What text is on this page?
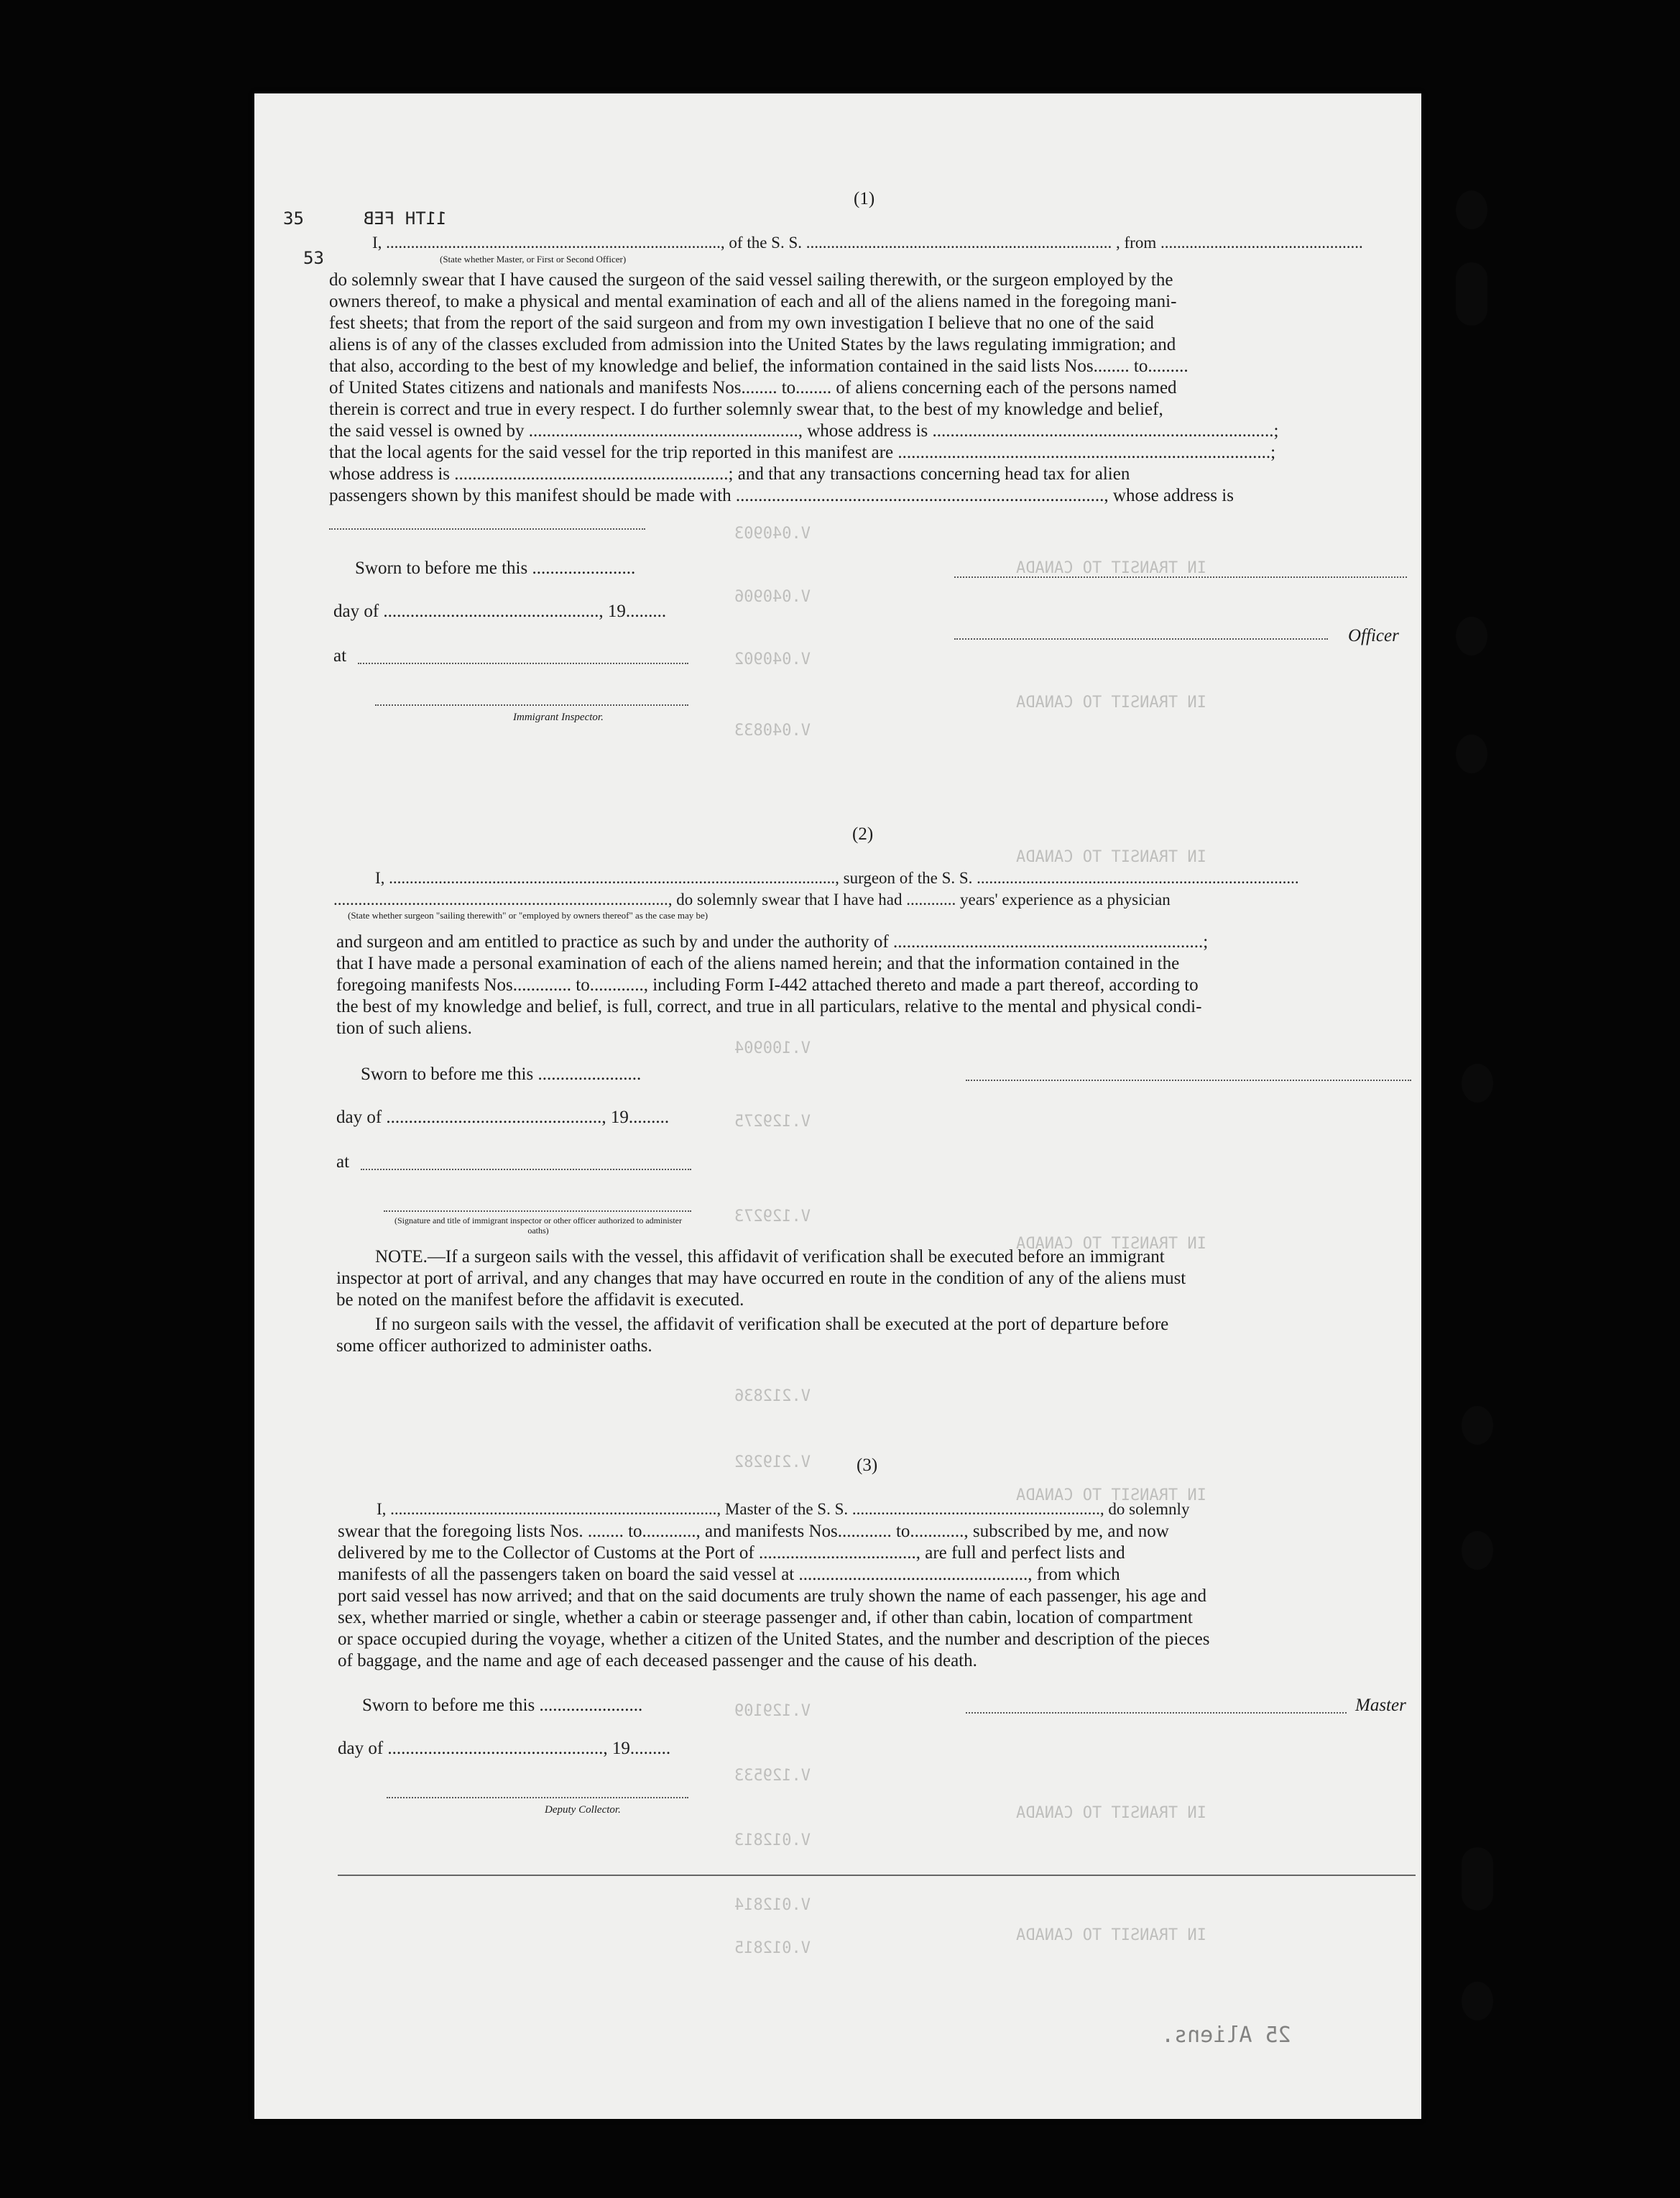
25 Aliens.
V.012815
V.012814
V.012813
V.129533
V.129109
V.219282
V.212836
V.129273
V.129275
V.100904
V.040833
V.040902
V.040906
V.040903
IN TRANSIT TO CANADA
IN TRANSIT TO CANADA
IN TRANSIT TO CANADA
IN TRANSIT TO CANADA
IN TRANSIT TO CANADA
IN TRANSIT TO CANADA
IN TRANSIT TO CANADA
11TH FEB
53
35
(1)
I, ................................................................................., of the S. S. .......................................................................... , from .................................................
(State whether Master, or First or Second Officer)
do solemnly swear that I have caused the surgeon of the said vessel sailing therewith, or the surgeon employed by the
owners thereof, to make a physical and mental examination of each and all of the aliens named in the foregoing mani-
fest sheets; that from the report of the said surgeon and from my own investigation I believe that no one of the said
aliens is of any of the classes excluded from admission into the United States by the laws regulating immigration; and
that also, according to the best of my knowledge and belief, the information contained in the said lists Nos........ to.........
of United States citizens and nationals and manifests Nos........ to........ of aliens concerning each of the persons named
therein is correct and true in every respect. I do further solemnly swear that, to the best of my knowledge and belief,
the said vessel is owned by ............................................................, whose address is ............................................................................;
that the local agents for the said vessel for the trip reported in this manifest are ...................................................................................;
whose address is .............................................................; and that any transactions concerning head tax for alien
passengers shown by this manifest should be made with .................................................................................., whose address is
Sworn to before me this .......................
day of ................................................, 19.........
Officer
at
Immigrant Inspector.
(2)
I, ............................................................................................................, surgeon of the S. S. ..............................................................................
................................................................................., do solemnly swear that I have had ............ years' experience as a physician
(State whether surgeon "sailing therewith" or "employed by owners thereof" as the case may be)
and surgeon and am entitled to practice as such by and under the authority of .....................................................................;
that I have made a personal examination of each of the aliens named herein; and that the information contained in the
foregoing manifests Nos............. to............, including Form I-442 attached thereto and made a part thereof, according to
the best of my knowledge and belief, is full, correct, and true in all particulars, relative to the mental and physical condi-
tion of such aliens.
Sworn to before me this .......................
day of ................................................, 19.........
at
(Signature and title of immigrant inspector or other officer authorized to administer oaths)
NOTE.—If a surgeon sails with the vessel, this affidavit of verification shall be executed before an immigrant
inspector at port of arrival, and any changes that may have occurred en route in the condition of any of the aliens must
be noted on the manifest before the affidavit is executed.
If no surgeon sails with the vessel, the affidavit of verification shall be executed at the port of departure before
some officer authorized to administer oaths.
(3)
I, ..............................................................................., Master of the S. S. ............................................................, do solemnly
swear that the foregoing lists Nos. ........ to............, and manifests Nos............ to............, subscribed by me, and now
delivered by me to the Collector of Customs at the Port of ..................................., are full and perfect lists and
manifests of all the passengers taken on board the said vessel at ..................................................., from which
port said vessel has now arrived; and that on the said documents are truly shown the name of each passenger, his age and
sex, whether married or single, whether a cabin or steerage passenger and, if other than cabin, location of compartment
or space occupied during the voyage, whether a citizen of the United States, and the number and description of the pieces
of baggage, and the name and age of each deceased passenger and the cause of his death.
Sworn to before me this .......................	Master
day of ................................................, 19.........
Deputy Collector.
